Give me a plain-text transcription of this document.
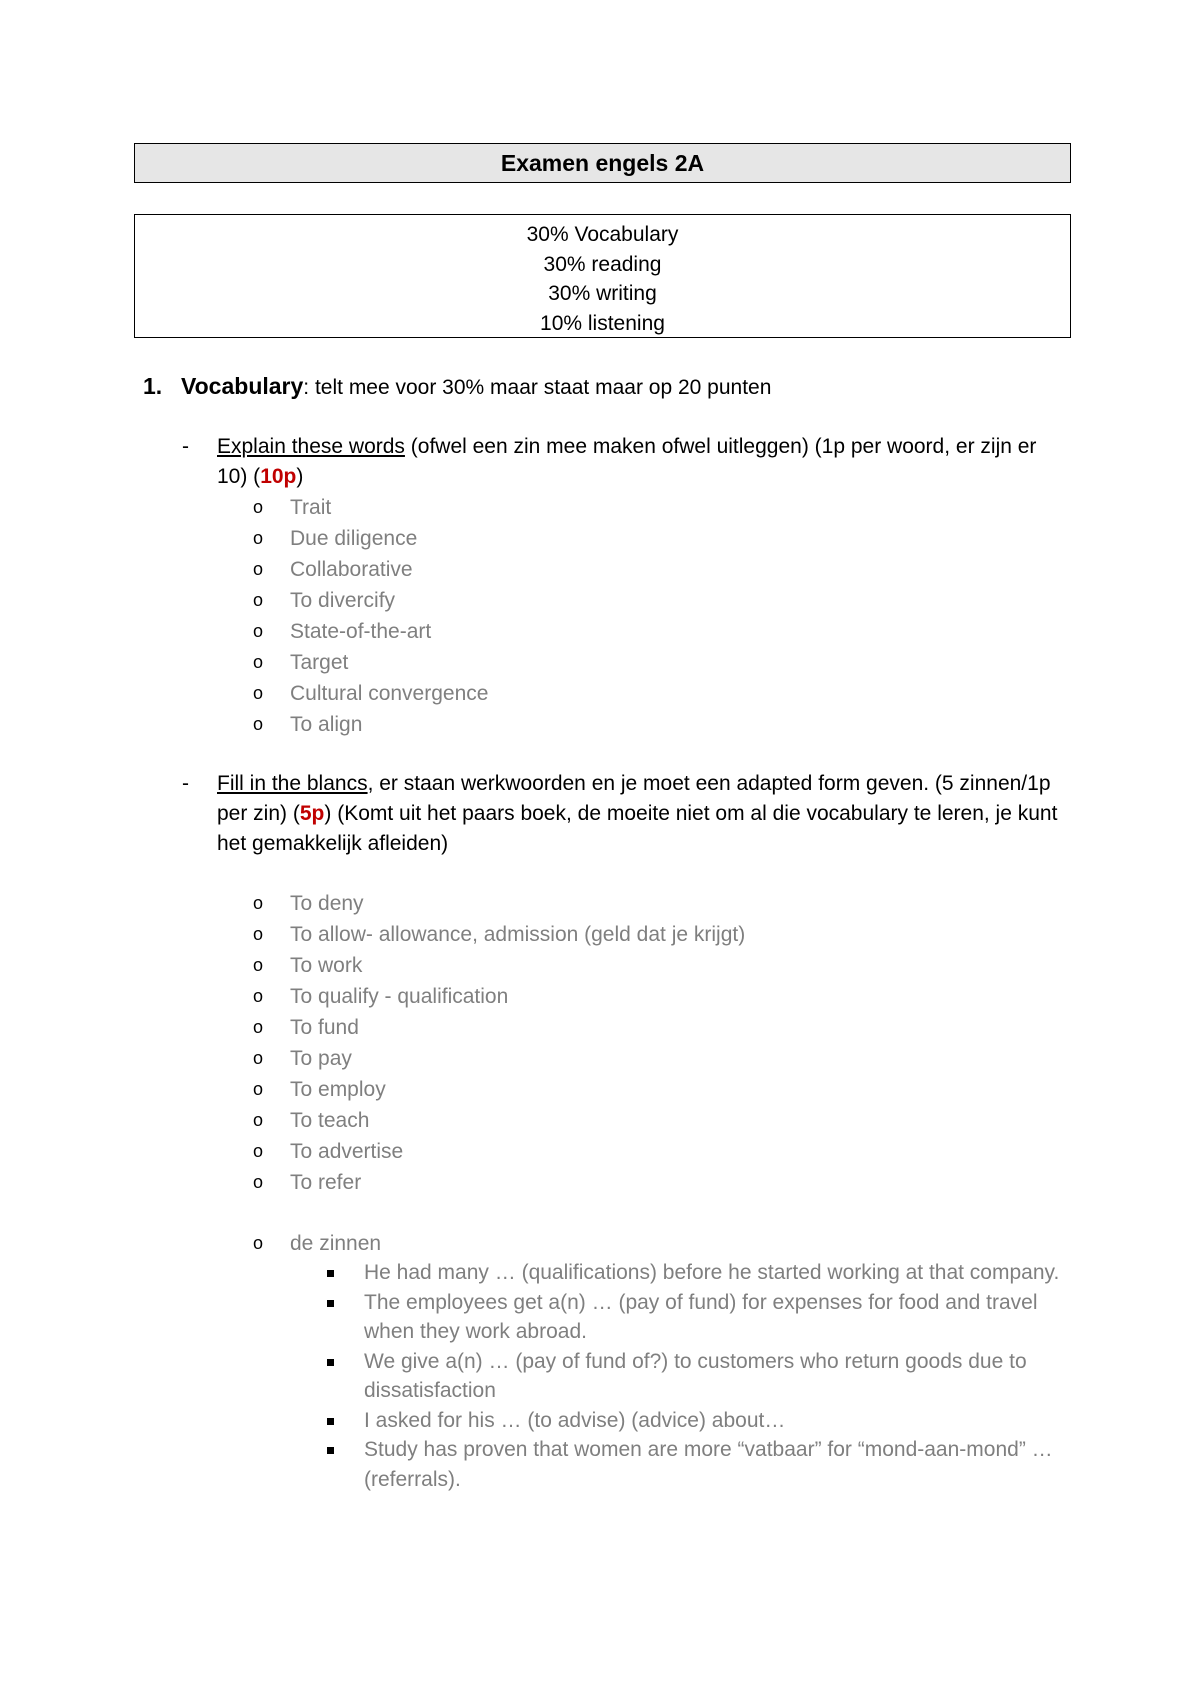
Examen engels 2A
30% Vocabulary
30% reading
30% writing
10% listening
1. Vocabulary: telt mee voor 30% maar staat maar op 20 punten
- Explain these words (ofwel een zin mee maken ofwel uitleggen) (1p per woord, er zijn er 10) (10p)
o Trait
o Due diligence
o Collaborative
o To divercify
o State-of-the-art
o Target
o Cultural convergence
o To align
- Fill in the blancs, er staan werkwoorden en je moet een adapted form geven. (5 zinnen/1p per zin) (5p) (Komt uit het paars boek, de moeite niet om al die vocabulary te leren, je kunt het gemakkelijk afleiden)
o To deny
o To allow- allowance, admission (geld dat je krijgt)
o To work
o To qualify - qualification
o To fund
o To pay
o To employ
o To teach
o To advertise
o To refer
o de zinnen
He had many … (qualifications) before he started working at that company.
The employees get a(n) … (pay of fund) for expenses for food and travel when they work abroad.
We give a(n) … (pay of fund of?) to customers who return goods due to dissatisfaction
I asked for his … (to advise) (advice) about…
Study has proven that women are more “vatbaar” for “mond-aan-mond” … (referrals).
